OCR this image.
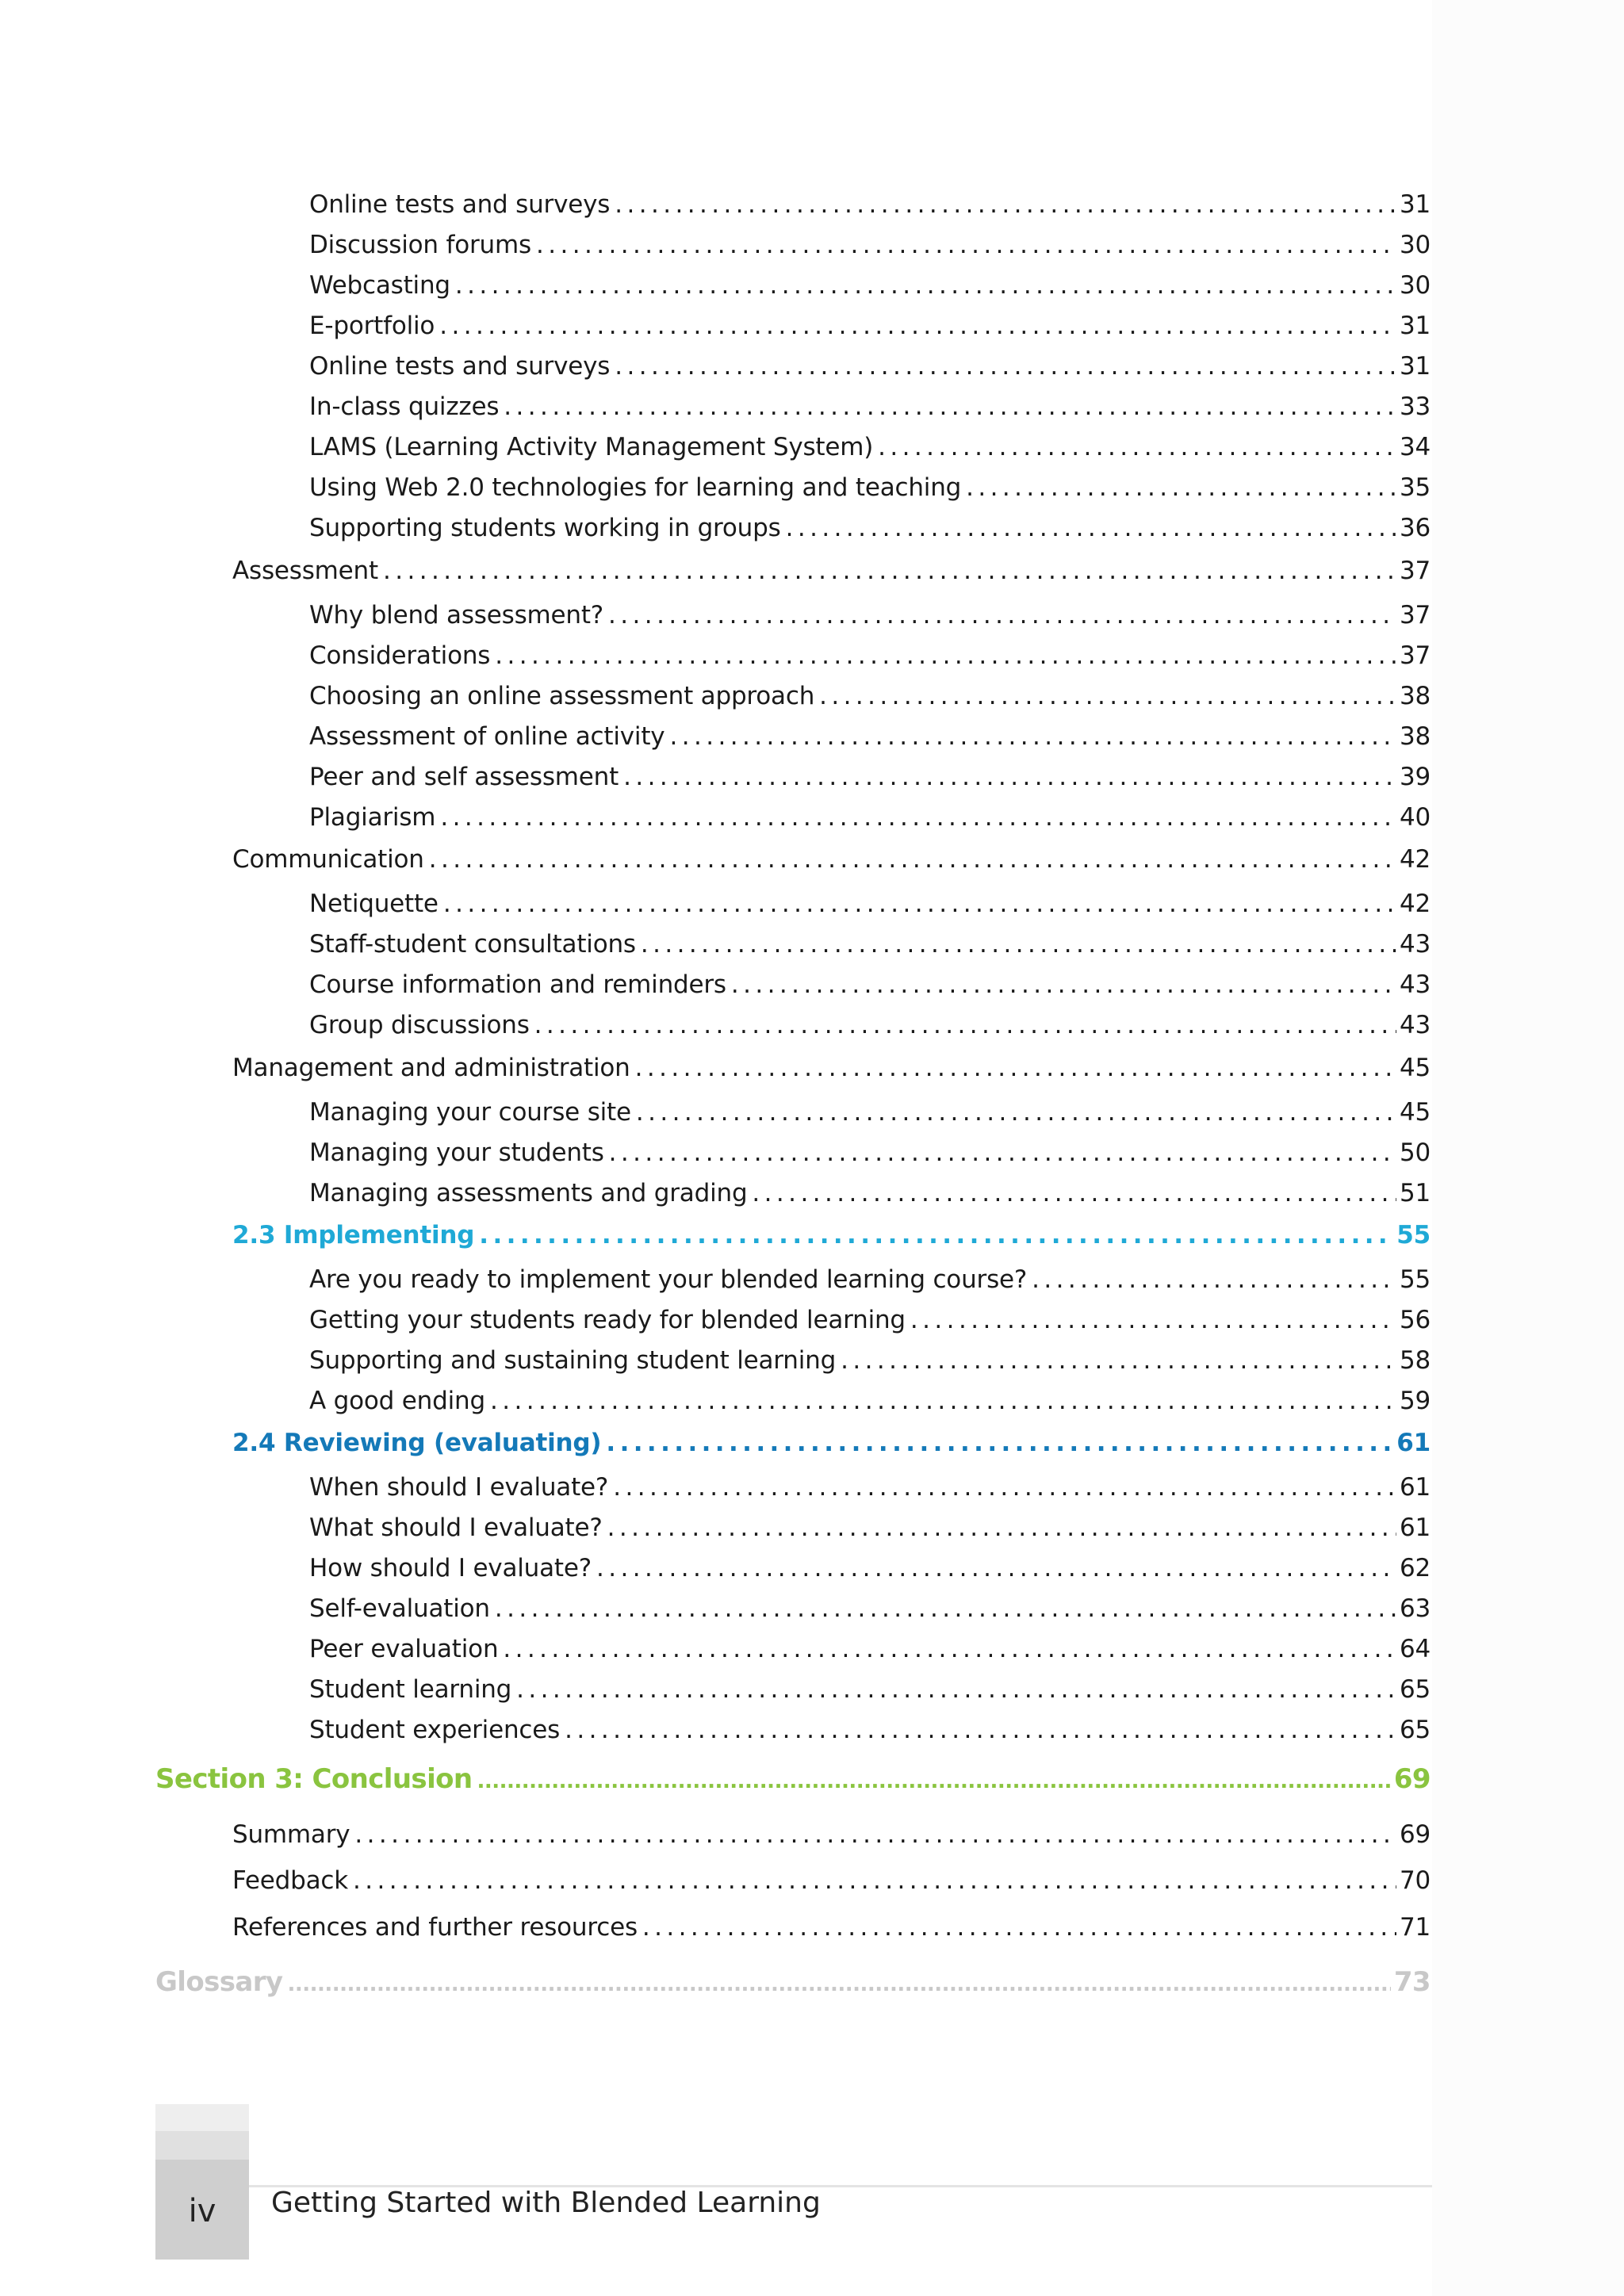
Online tests and surveys .....	31
Discussion forums .....	30
Webcasting .....	30
E-portfolio .....	31
Online tests and surveys .....	31
In-class quizzes .....	33
LAMS (Learning Activity Management System) .....	34
Using Web 2.0 technologies for learning and teaching .....	35
Supporting students working in groups .....	36
Assessment .....	37
Why blend assessment? .....	37
Considerations .....	37
Choosing an online assessment approach .....	38
Assessment of online activity .....	38
Peer and self assessment .....	39
Plagiarism .....	40
Communication .....	42
Netiquette .....	42
Staff-student consultations .....	43
Course information and reminders .....	43
Group discussions .....	43
Management and administration .....	45
Managing your course site .....	45
Managing your students .....	50
Managing assessments and grading .....	51
2.3 Implementing .....	55
Are you ready to implement your blended learning course? .....	55
Getting your students ready for blended learning .....	56
Supporting and sustaining student learning .....	58
A good ending .....	59
2.4 Reviewing (evaluating) .....	61
When should I evaluate? .....	61
What should I evaluate? .....	61
How should I evaluate? .....	62
Self-evaluation .....	63
Peer evaluation .....	64
Student learning .....	65
Student experiences .....	65
Section 3: Conclusion .....	69
Summary .....	69
Feedback .....	70
References and further resources .....	71
Glossary .....	73
iv	Getting Started with Blended Learning
